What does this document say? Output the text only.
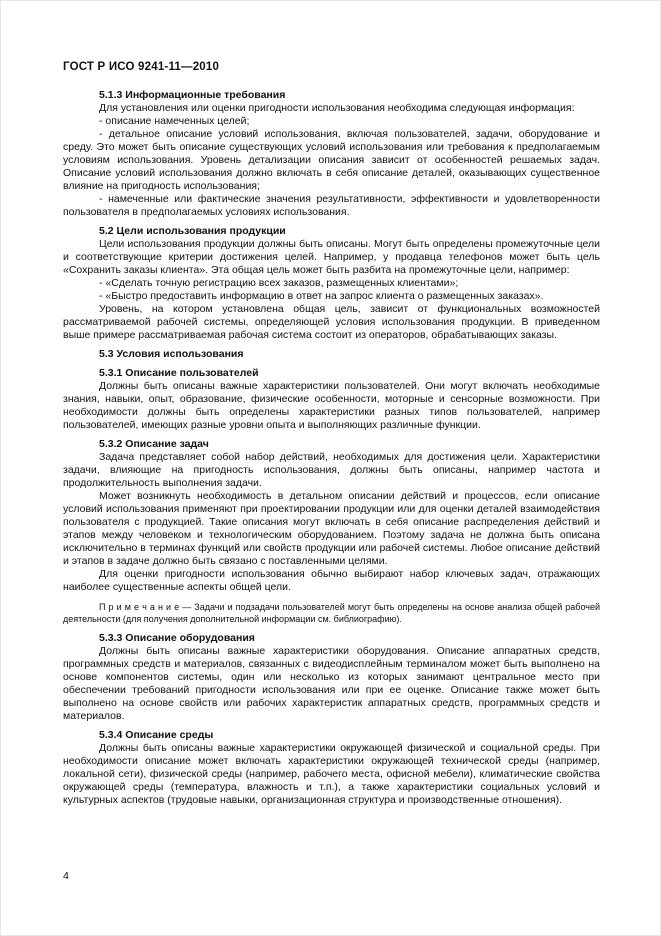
ГОСТ Р ИСО 9241-11—2010

5.1.3 Информационные требования

Для установления или оценки пригодности использования необходима следующая информация:

- описание намеченных целей;

- детальное описание условий использования, включая пользователей, задачи, оборудование и среду. Это может быть описание существующих условий использования или требования к предполагаемым условиям использования. Уровень детализации описания зависит от особенностей решаемых задач. Описание условий использования должно включать в себя описание деталей, оказывающих существенное влияние на пригодность использования;

- намеченные или фактические значения результативности, эффективности и удовлетворенности пользователя в предполагаемых условиях использования.

5.2 Цели использования продукции

Цели использования продукции должны быть описаны. Могут быть определены промежуточные цели и соответствующие критерии достижения целей. Например, у продавца телефонов может быть цель «Сохранить заказы клиента». Эта общая цель может быть разбита на промежуточные цели, например:

- «Сделать точную регистрацию всех заказов, размещенных клиентами»;

- «Быстро предоставить информацию в ответ на запрос клиента о размещенных заказах».

Уровень, на котором установлена общая цель, зависит от функциональных возможностей рассматриваемой рабочей системы, определяющей условия использования продукции. В приведенном выше примере рассматриваемая рабочая система состоит из операторов, обрабатывающих заказы.

5.3 Условия использования

5.3.1 Описание пользователей

Должны быть описаны важные характеристики пользователей. Они могут включать необходимые знания, навыки, опыт, образование, физические особенности, моторные и сенсорные возможности. При необходимости должны быть определены характеристики разных типов пользователей, например пользователей, имеющих разные уровни опыта и выполняющих различные функции.

5.3.2 Описание задач

Задача представляет собой набор действий, необходимых для достижения цели. Характеристики задачи, влияющие на пригодность использования, должны быть описаны, например частота и продолжительность выполнения задачи.

Может возникнуть необходимость в детальном описании действий и процессов, если описание условий использования применяют при проектировании продукции или для оценки деталей взаимодействия пользователя с продукцией. Такие описания могут включать в себя описание распределения действий и этапов между человеком и технологическим оборудованием. Поэтому задача не должна быть описана исключительно в терминах функций или свойств продукции или рабочей системы. Любое описание действий и этапов в задаче должно быть связано с поставленными целями.

Для оценки пригодности использования обычно выбирают набор ключевых задач, отражающих наиболее существенные аспекты общей цели.

П р и м е ч а н и е — Задачи и подзадачи пользователей могут быть определены на основе анализа общей рабочей деятельности (для получения дополнительной информации см. библиографию).

5.3.3 Описание оборудования

Должны быть описаны важные характеристики оборудования. Описание аппаратных средств, программных средств и материалов, связанных с видеодисплейным терминалом может быть выполнено на основе компонентов системы, один или несколько из которых занимают центральное место при обеспечении требований пригодности использования или при ее оценке. Описание также может быть выполнено на основе свойств или рабочих характеристик аппаратных средств, программных средств и материалов.

5.3.4 Описание среды

Должны быть описаны важные характеристики окружающей физической и социальной среды. При необходимости описание может включать характеристики окружающей технической среды (например, локальной сети), физической среды (например, рабочего места, офисной мебели), климатические свойства окружающей среды (температура, влажность и т.п.), а также характеристики социальных условий и культурных аспектов (трудовые навыки, организационная структура и производственные отношения).

4
